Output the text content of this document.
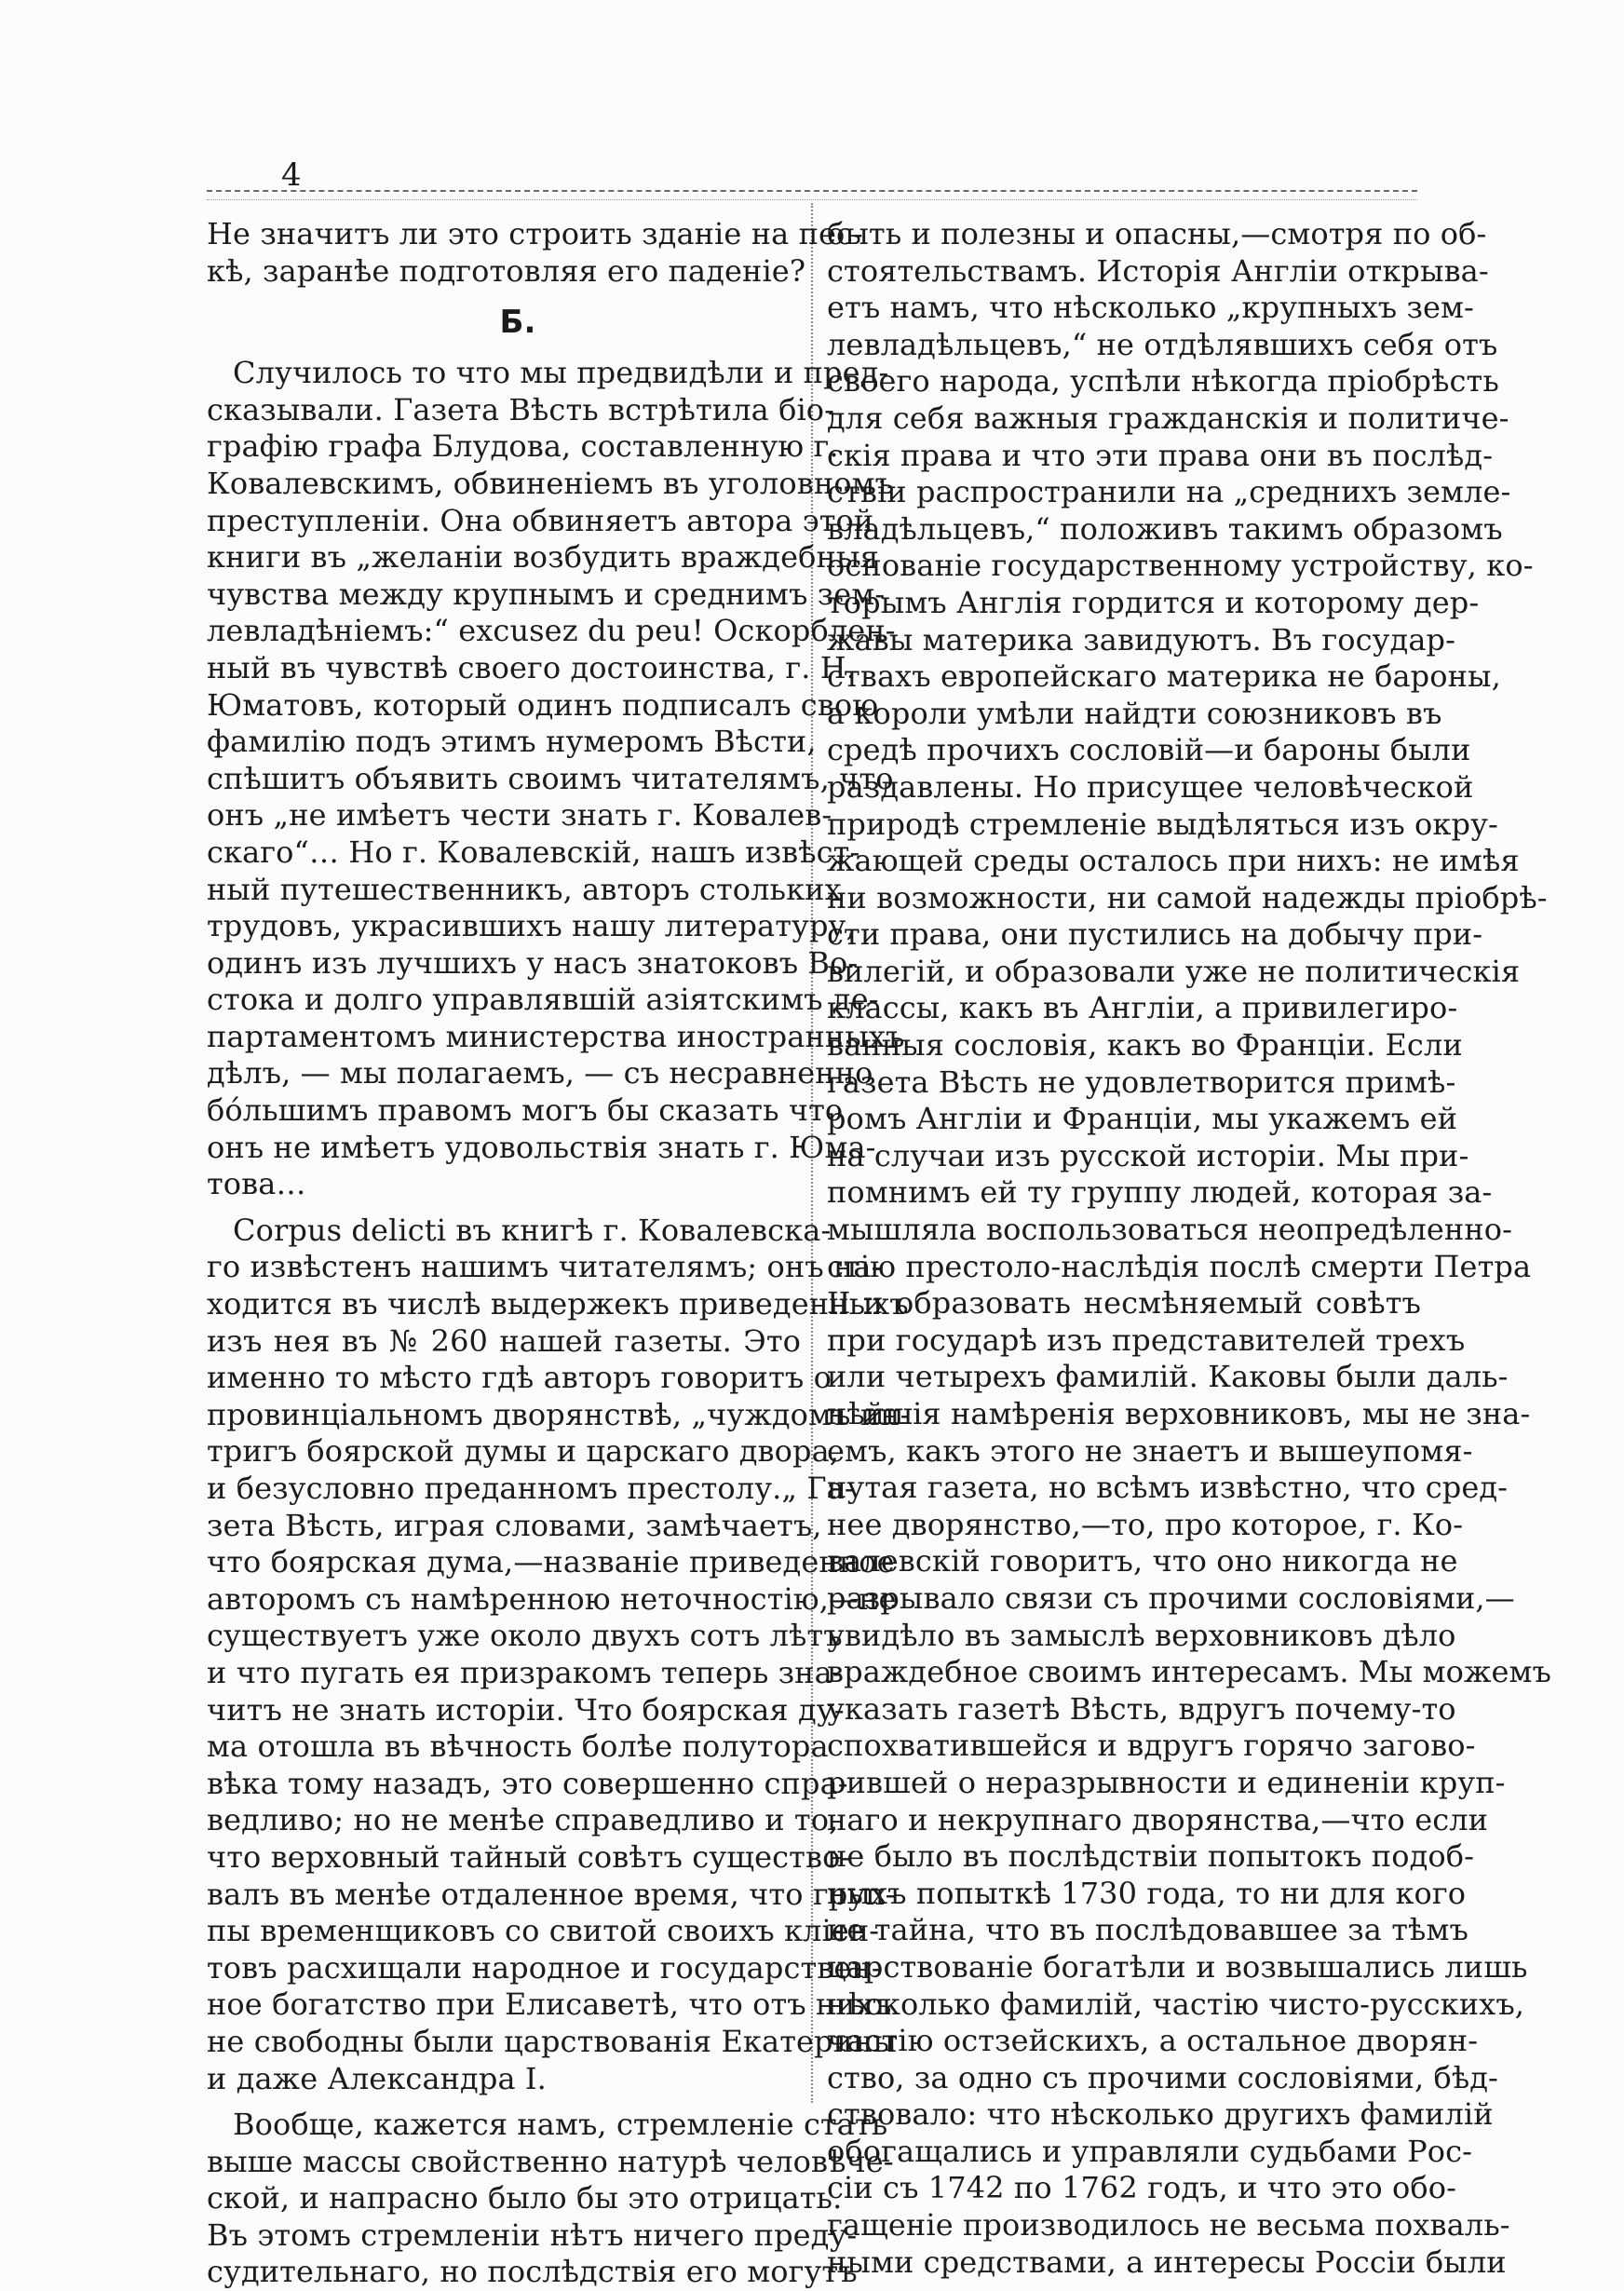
4
Не значитъ ли это строить зданіе на пес-
кѣ, заранѣе подготовляя его паденіе?
Б.
Случилось то что мы предвидѣли и пред-
сказывали. Газета Вѣсть встрѣтила біо-
графію графа Блудова, составленную г.
Ковалевскимъ, обвиненіемъ въ уголовномъ
преступленіи. Она обвиняетъ автора этой
книги въ „желаніи возбудить враждебныя
чувства между крупнымъ и среднимъ зем-
левладѣніемъ:“ excusez du peu! Оскорблен-
ный въ чувствѣ своего достоинства, г. Н.
Юматовъ, который одинъ подписалъ свою
фамилію подъ этимъ нумеромъ Вѣсти,
спѣшитъ объявить своимъ читателямъ, что
онъ „не имѣетъ чести знать г. Ковалев-
скаго“… Но г. Ковалевскій, нашъ извѣст-
ный путешественникъ, авторъ стольких
трудовъ, украсившихъ нашу литературу,
одинъ изъ лучшихъ у насъ знатоковъ Во-
стока и долго управлявшій азіятскимъ де-
партаментомъ министерства иностранныхъ
дѣлъ, — мы полагаемъ, — съ несравненно
бóльшимъ правомъ могъ бы сказать что
онъ не имѣетъ удовольствія знать г. Юма-
това…
Corpus delicti въ книгѣ г. Ковалевска-
го извѣстенъ нашимъ читателямъ; онъ на-
ходится въ числѣ выдержекъ приведенныхъ
изъ нея въ № 260 нашей газеты. Это
именно то мѣсто гдѣ авторъ говоритъ о
провинціальномъ дворянствѣ, „чуждомъ ин-
тригъ боярской думы и царскаго двора,
и безусловно преданномъ престолу.„ Га-
зета Вѣсть, играя словами, замѣчаетъ,
что боярская дума,—названіе приведенное
авторомъ съ намѣренною неточностію,—не
существуетъ уже около двухъ сотъ лѣтъ
и что пугать ея призракомъ теперь зна-
читъ не знать исторіи. Что боярская ду-
ма отошла въ вѣчность болѣе полутора
вѣка тому назадъ, это совершенно спра-
ведливо; но не менѣе справедливо и то,
что верховный тайный совѣтъ существо-
валъ въ менѣе отдаленное время, что груп-
пы временщиковъ со свитой своихъ кліен-
товъ расхищали народное и государствен-
ное богатство при Елисаветѣ, что отъ нихъ
не свободны были царствованія Екатерины
и даже Александра I.
Вообще, кажется намъ, стремленіе стать
выше массы свойственно натурѣ человѣче-
ской, и напрасно было бы это отрицать.
Въ этомъ стремленіи нѣтъ ничего преду-
судительнаго, но послѣдствія его могутъ
быть и полезны и опасны,—смотря по об-
стоятельствамъ. Исторія Англіи открыва-
етъ намъ, что нѣсколько „крупныхъ зем-
левладѣльцевъ,“ не отдѣлявшихъ себя отъ
своего народа, успѣли нѣкогда пріобрѣсть
для себя важныя гражданскія и политиче-
скія права и что эти права они въ послѣд-
ствіи распространили на „среднихъ земле-
владѣльцевъ,“ положивъ такимъ образомъ
основаніе государственному устройству, ко-
торымъ Англія гордится и которому дер-
жавы материка завидуютъ. Въ государ-
ствахъ европейскаго материка не бароны,
а короли умѣли найдти союзниковъ въ
средѣ прочихъ сословій—и бароны были
раздавлены. Но присущее человѣческой
природѣ стремленіе выдѣляться изъ окру-
жающей среды осталось при нихъ: не имѣя
ни возможности, ни самой надежды пріобрѣ-
сти права, они пустились на добычу при-
вилегій, и образовали уже не политическія
классы, какъ въ Англіи, а привилегиро-
ванныя сословія, какъ во Франціи. Если
газета Вѣсть не удовлетворится примѣ-
ромъ Англіи и Франціи, мы укажемъ ей
на случаи изъ русской исторіи. Мы при-
помнимъ ей ту группу людей, которая за-
мышляла воспользоваться неопредѣленно-
стію престоло-наслѣдія послѣ смерти Петра
II и образовать несмѣняемый совѣтъ
при государѣ изъ представителей трехъ
или четырехъ фамилій. Каковы были даль-
нѣйшія намѣренія верховниковъ, мы не зна-
емъ, какъ этого не знаетъ и вышеупомя-
нутая газета, но всѣмъ извѣстно, что сред-
нее дворянство,—то, про которое, г. Ко-
валевскій говоритъ, что оно никогда не
разрывало связи съ прочими сословіями,—
увидѣло въ замыслѣ верховниковъ дѣло
враждебное своимъ интересамъ. Мы можемъ
указать газетѣ Вѣсть, вдругъ почему-то
спохватившейся и вдругъ горячо загово-
рившей о неразрывности и единеніи круп-
наго и некрупнаго дворянства,—что если
не было въ послѣдствіи попытокъ подоб-
ныхъ попыткѣ 1730 года, то ни для кого
не тайна, что въ послѣдовавшее за тѣмъ
царствованіе богатѣли и возвышались лишь
нѣсколько фамилій, частію чисто-русскихъ,
частію остзейскихъ, а остальное дворян-
ство, за одно съ прочими сословіями, бѣд-
ствовало: что нѣсколько другихъ фамилій
обогащались и управляли судьбами Рос-
сіи съ 1742 по 1762 годъ, и что это обо-
гащеніе производилось не весьма похваль-
ными средствами, а интересы Россіи были
